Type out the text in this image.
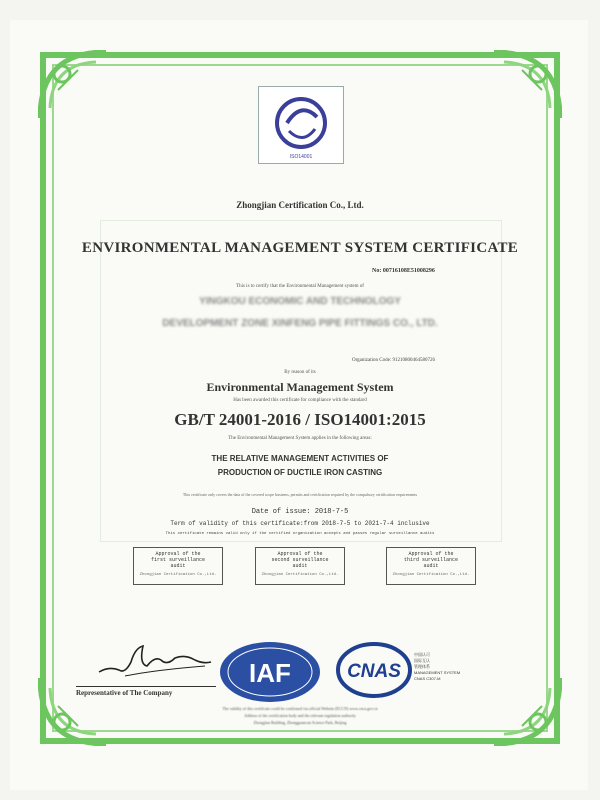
ISO14001
Zhongjian Certification Co., Ltd.
ENVIRONMENTAL MANAGEMENT SYSTEM CERTIFICATE
No: 00716108E51008296
This is to certify that the Environmental Management system of
YINGKOU ECONOMIC AND TECHNOLOGY
DEVELOPMENT ZONE XINFENG PIPE FITTINGS CO., LTD.
Organization Code: 91210800464580726
By reason of its
Environmental Management System
Has been awarded this certificate for compliance with the standard
GB/T 24001-2016 / ISO14001:2015
The Environmental Management System applies in the following areas:
THE RELATIVE MANAGEMENT ACTIVITIES OF
PRODUCTION OF DUCTILE IRON CASTING
This certificate only covers the data of the covered scope business, permits and certification required by the compulsory certification requirements
Date of issue: 2018-7-5
Term of validity of this certificate:from 2018-7-5 to 2021-7-4 inclusive
This certificate remains valid only if the certified organization accepts and passes regular surveillance audits
Approval of the
first surveillance
audit
Zhongjian Certification Co.,Ltd.
Approval of the
second surveillance
audit
Zhongjian Certification Co.,Ltd.
Approval of the
third surveillance
audit
Zhongjian Certification Co.,Ltd.
Representative of The Company
IAF	CNAS
中国认可
国际互认
管理体系
MANAGEMENT SYSTEM
CNAS C307-M
The validity of this certificate could be confirmed via official Website (ECCN) www.cnca.gov.cn
Address of the certification body and the relevant regulation authority
Zhongjian Building, Zhongguancun Science Park, Beijing
